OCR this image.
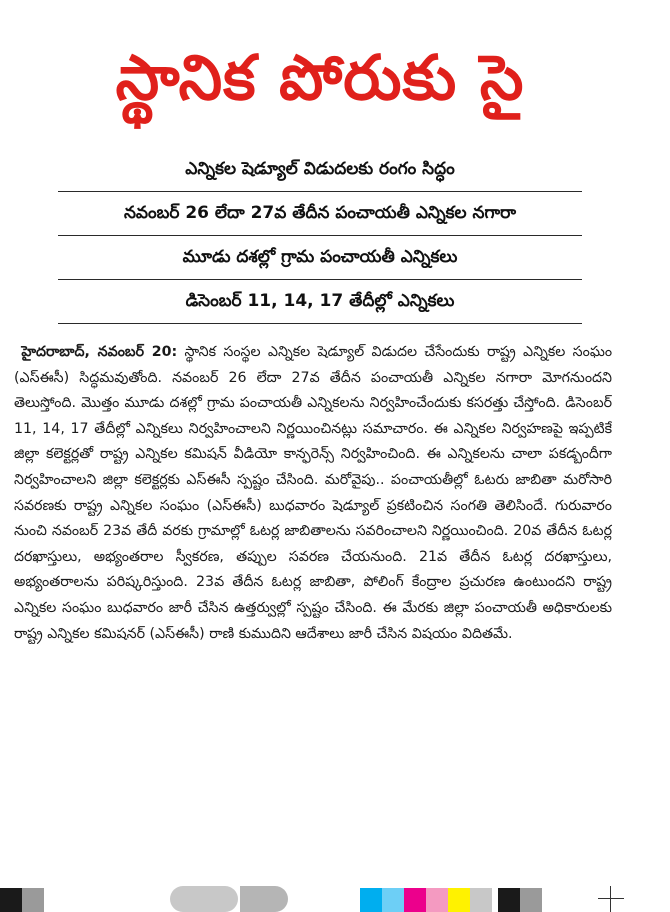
స్థానిక పోరుకు సై
ఎన్నికల షెడ్యూల్ విడుదలకు రంగం సిద్ధం
నవంబర్ 26 లేదా 27వ తేదీన పంచాయతీ ఎన్నికల నగారా
మూడు దశల్లో గ్రామ పంచాయతీ ఎన్నికలు
డిసెంబర్ 11, 14, 17 తేదీల్లో ఎన్నికలు
హైదరాబాద్, నవంబర్ 20: స్థానిక సంస్థల ఎన్నికల షెడ్యూల్ విడుదల చేసేందుకు రాష్ట్ర ఎన్నికల సంఘం (ఎస్ఈసీ) సిద్ధమవుతోంది. నవంబర్ 26 లేదా 27వ తేదీన పంచాయతీ ఎన్నికల నగారా మోగనుందని తెలుస్తోంది. మొత్తం మూడు దశల్లో గ్రామ పంచాయతీ ఎన్నికలను నిర్వహించేందుకు కసరత్తు చేస్తోంది. డిసెంబర్ 11, 14, 17 తేదీల్లో ఎన్నికలు నిర్వహించాలని నిర్ణయించినట్లు సమాచారం. ఈ ఎన్నికల నిర్వహణపై ఇప్పటికే జిల్లా కలెక్టర్లతో రాష్ట్ర ఎన్నికల కమిషన్ వీడియో కాన్ఫరెన్స్ నిర్వహించింది. ఈ ఎన్నికలను చాలా పకడ్బందీగా నిర్వహించాలని జిల్లా కలెక్టర్లకు ఎస్ఈసీ స్పష్టం చేసింది. మరోవైపు.. పంచాయతీల్లో ఓటరు జాబితా మరోసారి సవరణకు రాష్ట్ర ఎన్నికల సంఘం (ఎస్ఈసీ) బుధవారం షెడ్యూల్ ప్రకటించిన సంగతి తెలిసిందే. గురువారం నుంచి నవంబర్ 23వ తేదీ వరకు గ్రామాల్లో ఓటర్ల జాబితాలను సవరించాలని నిర్ణయించింది. 20వ తేదీన ఓటర్ల దరఖాస్తులు, అభ్యంతరాల స్వీకరణ, తప్పుల సవరణ చేయనుంది. 21వ తేదీన ఓటర్ల దరఖాస్తులు, అభ్యంతరాలను పరిష్కరిస్తుంది. 23వ తేదీన ఓటర్ల జాబితా, పోలింగ్ కేంద్రాల ప్రచురణ ఉంటుందని రాష్ట్ర ఎన్నికల సంఘం బుధవారం జారీ చేసిన ఉత్తర్వుల్లో స్పష్టం చేసింది. ఈ మేరకు జిల్లా పంచాయతీ అధికారులకు రాష్ట్ర ఎన్నికల కమిషనర్ (ఎస్ఈసీ) రాణి కుముదిని ఆదేశాలు జారీ చేసిన విషయం విదితమే.
